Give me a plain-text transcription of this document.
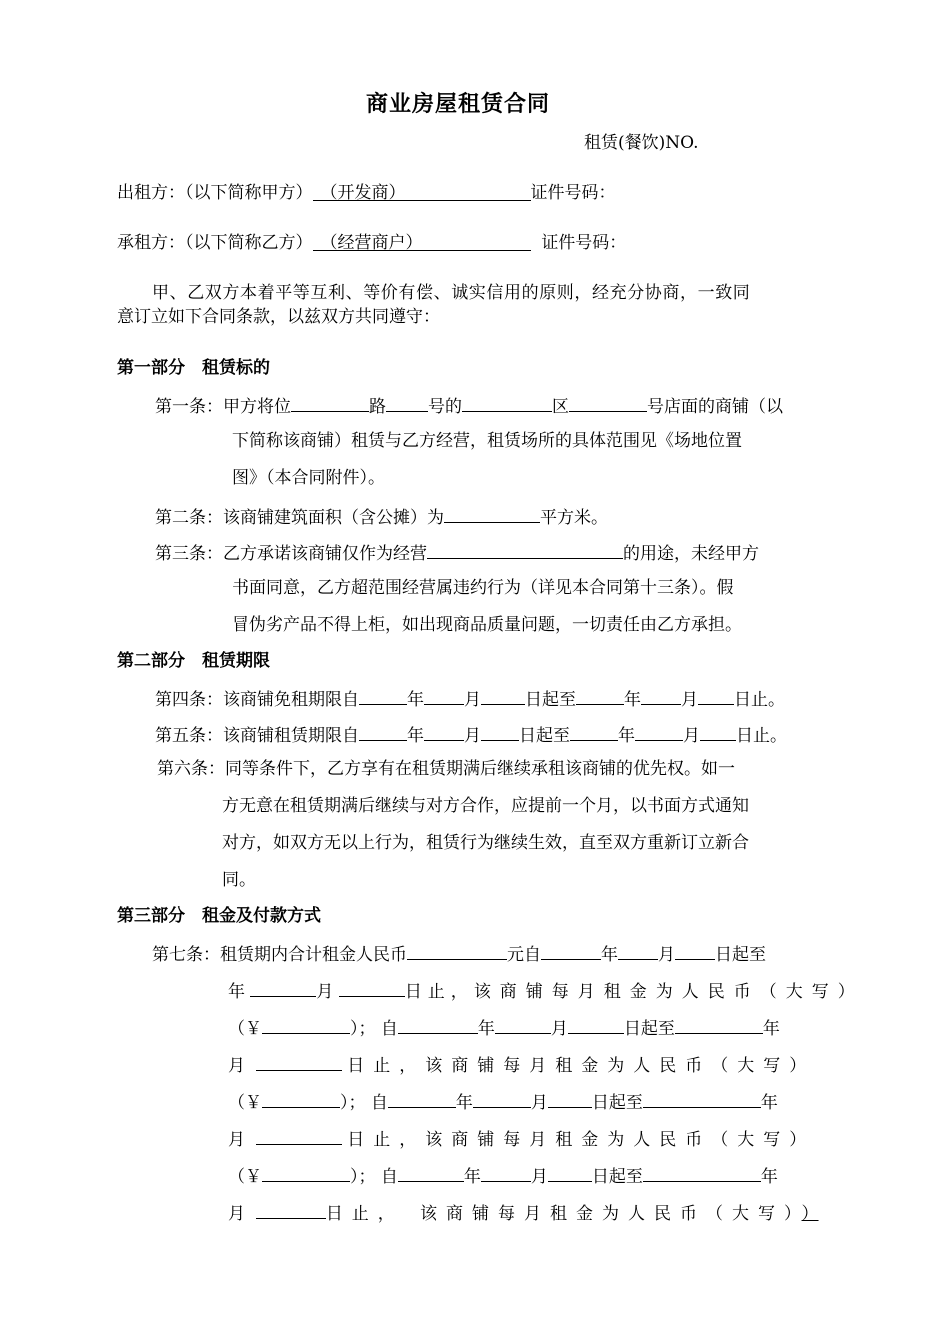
商业房屋租赁合同
租赁(餐饮)NO.
出租方：（以下简称甲方） （开发商）	证件号码：
承租方：（以下简称乙方） （经营商户）	证件号码：
甲、乙双方本着平等互利、等价有偿、诚实信用的原则，经充分协商，一致同
意订立如下合同条款，以兹双方共同遵守：
第一部分　租赁标的
第一条：甲方将位	路 号的	区	号店面的商铺（以
下简称该商铺）租赁与乙方经营，租赁场所的具体范围见《场地位置
图》（本合同附件）。
第二条：该商铺建筑面积（含公摊）为	平方米。
第三条：乙方承诺该商铺仅作为经营	的用途，未经甲方
书面同意，乙方超范围经营属违约行为（详见本合同第十三条）。假
冒伪劣产品不得上柜，如出现商品质量问题，一切责任由乙方承担。
第二部分　租赁期限
第四条：该商铺免租期限自	年 月	日起至	年 月 日止。
第五条：该商铺租赁期限自	年 月 日起至	年	月 日止。
第六条：同等条件下，乙方享有在租赁期满后继续承租该商铺的优先权。如一
方无意在租赁期满后继续与对方合作，应提前一个月，以书面方式通知
对方，如双方无以上行为，租赁行为继续生效，直至双方重新订立新合
同。
第三部分　租金及付款方式
第七条：租赁期内合计租金人民币	元自	年 月 日起至
年	月	日止，该商铺每月租金为人民币（大写）
（￥	）； 自	年	月	日起至	年
月	日止，该商铺每月租金为人民币（大写）
（￥	）； 自	年	月	日起至	年
月	日止，该商铺每月租金为人民币（大写）
（￥	）； 自	年	月	日起至	年
月	日止， 该商铺每月租金为人民币（大写））
